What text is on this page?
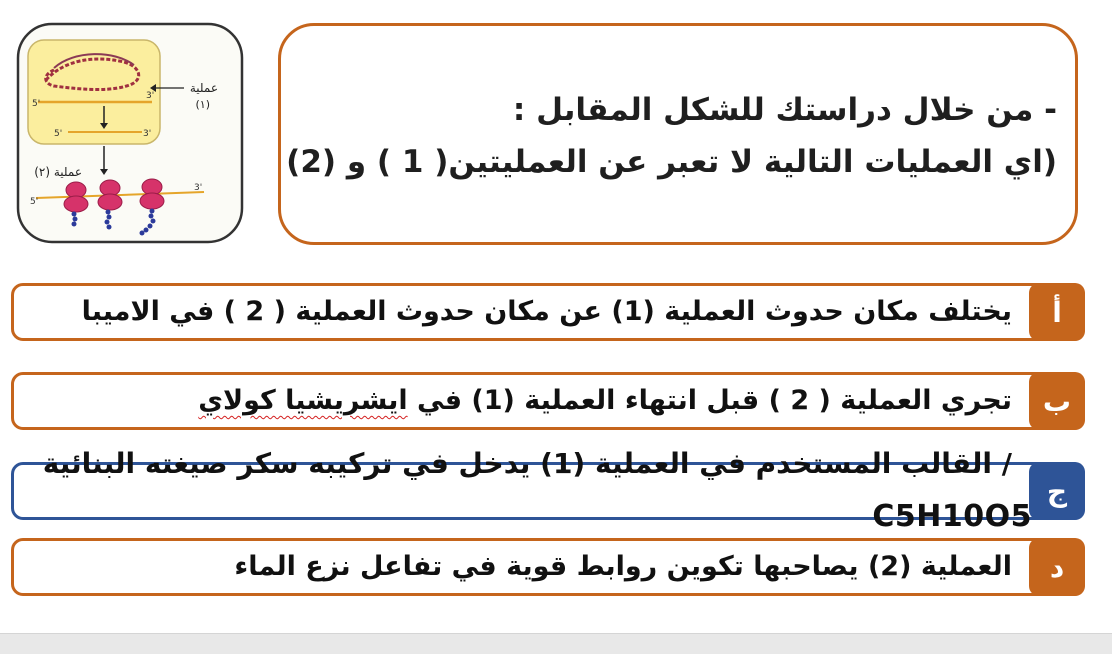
5'
3'
5'	3'
عملية
(١)
عملية (٢)
5'
3'
- من خلال دراستك للشكل المقابل :
(اي العمليات التالية لا تعبر عن العمليتين( 1 ) و (2)
أ
يختلف مكان حدوث العملية (1) عن مكان حدوث العملية ( 2 ) في الاميبا
ب
تجري العملية ( 2 ) قبل انتهاء العملية (1) في ايشريشيا كولاي
ج
/ القالب المستخدم في العملية (1) يدخل في تركيبه سكر صيغته البنائية
C5H10O5
د
العملية (2) يصاحبها تكوين روابط قوية في تفاعل نزع الماء
